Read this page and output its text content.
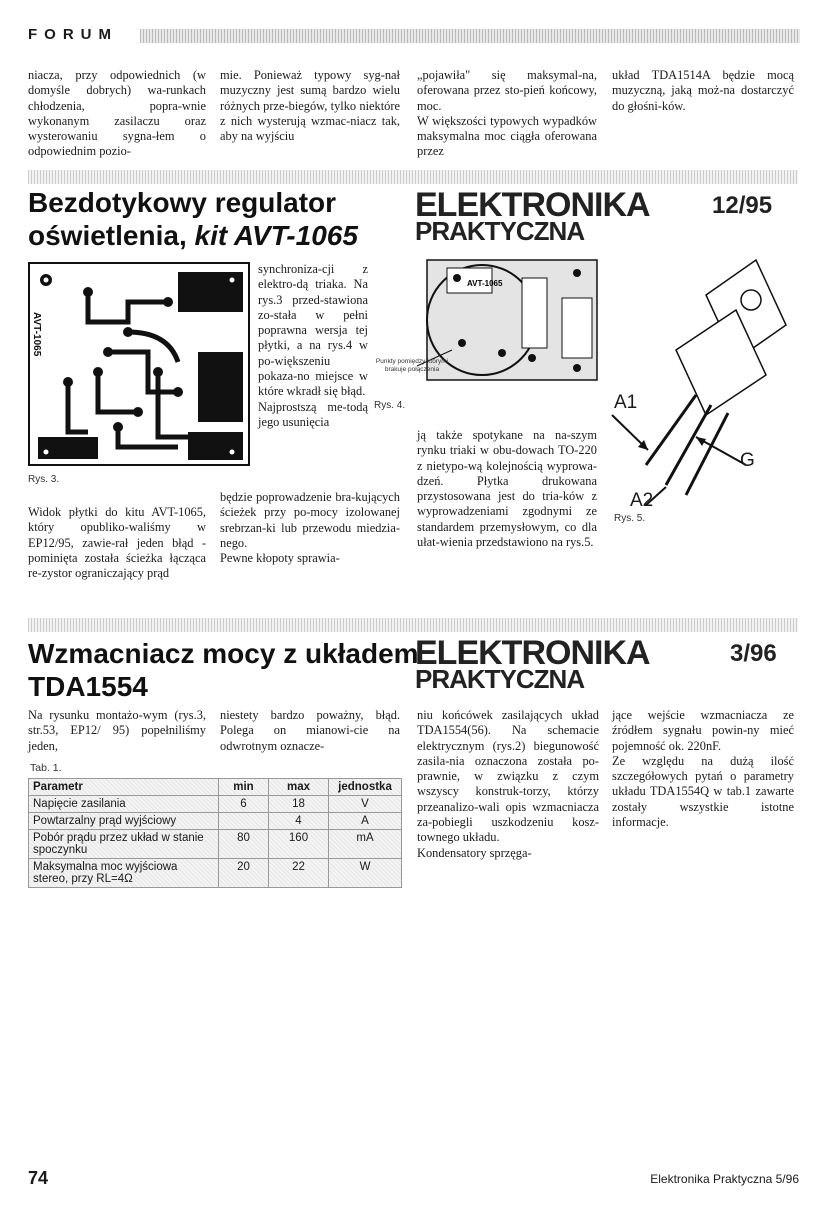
FORUM
niacza, przy odpowiednich (w domyśle dobrych) wa-runkach chłodzenia, popra-wnie wykonanym zasilaczu oraz wysterowaniu sygna-łem o odpowiednim pozio-
mie. Ponieważ typowy syg-nał muzyczny jest sumą bardzo wielu różnych prze-biegów, tylko niektóre z nich wysterują wzmac-niacz tak, aby na wyjściu
„pojawiła" się maksymal-na, oferowana przez sto-pień końcowy, moc.
W większości typowych wypadków maksymalna moc ciągła oferowana przez
układ TDA1514A będzie mocą muzyczną, jaką moż-na dostarczyć do głośni-ków.
Bezdotykowy regulator
oświetlenia, kit AVT-1065
ELEKTRONIKA
PRAKTYCZNA
12/95
AVT-1065
Rys. 3.
synchroniza-cji z elektro-dą triaka. Na rys.3 przed-stawiona zo-stała w pełni poprawna wersja tej płytki, a na rys.4 w po-większeniu pokaza-no miejsce w które wkradł się błąd.
Najprostszą me-todą jego usunięcia
AVT-1065
Punkty pomiędzy którymi brakuje połączenia
Rys. 4.	A1
G
A2
Rys. 5.
Widok płytki do kitu AVT-1065, który opubliko-waliśmy w EP12/95, zawie-rał jeden błąd - pominięta została ścieżka łącząca re-zystor ograniczający prąd
będzie poprowadzenie bra-kujących ścieżek przy po-mocy izolowanej srebrzan-ki lub przewodu miedzia-nego.
Pewne kłopoty sprawia-
ją także spotykane na na-szym rynku triaki w obu-dowach TO-220 z nietypo-wą kolejnością wyprowa-dzeń. Płytka drukowana przystosowana jest do tria-ków z wyprowadzeniami zgodnymi ze standardem przemysłowym, co dla ułat-wienia przedstawiono na rys.5.
Wzmacniacz mocy z układem
TDA1554
ELEKTRONIKA
PRAKTYCZNA
3/96
Na rysunku montażo-wym (rys.3, str.53, EP12/ 95) popełniliśmy jeden,
niestety bardzo poważny, błąd. Polega on mianowi-cie na odwrotnym oznacze-
niu końcówek zasilających układ TDA1554(56). Na schemacie elektrycznym (rys.2) biegunowość zasila-nia oznaczona została po-prawnie, w związku z czym wszyscy konstruk-torzy, którzy przeanalizo-wali opis wzmacniacza za-pobiegli uszkodzeniu kosz-townego układu.
Kondensatory sprzęga-
jące wejście wzmacniacza ze źródłem sygnału powin-ny mieć pojemność ok. 220nF.
Ze względu na dużą ilość szczegółowych pytań o parametry układu TDA1554Q w tab.1 zawarte zostały wszystkie istotne informacje.
Tab. 1.
Parametr	min	max	jednostka
Napięcie zasilania	6	18	V
Powtarzalny prąd wyjściowy		4	A
Pobór prądu przez układ w stanie spoczynku	80	160	mA
Maksymalna moc wyjściowa stereo, przy RL=4Ω	20	22	W
74	Elektronika Praktyczna 5/96
